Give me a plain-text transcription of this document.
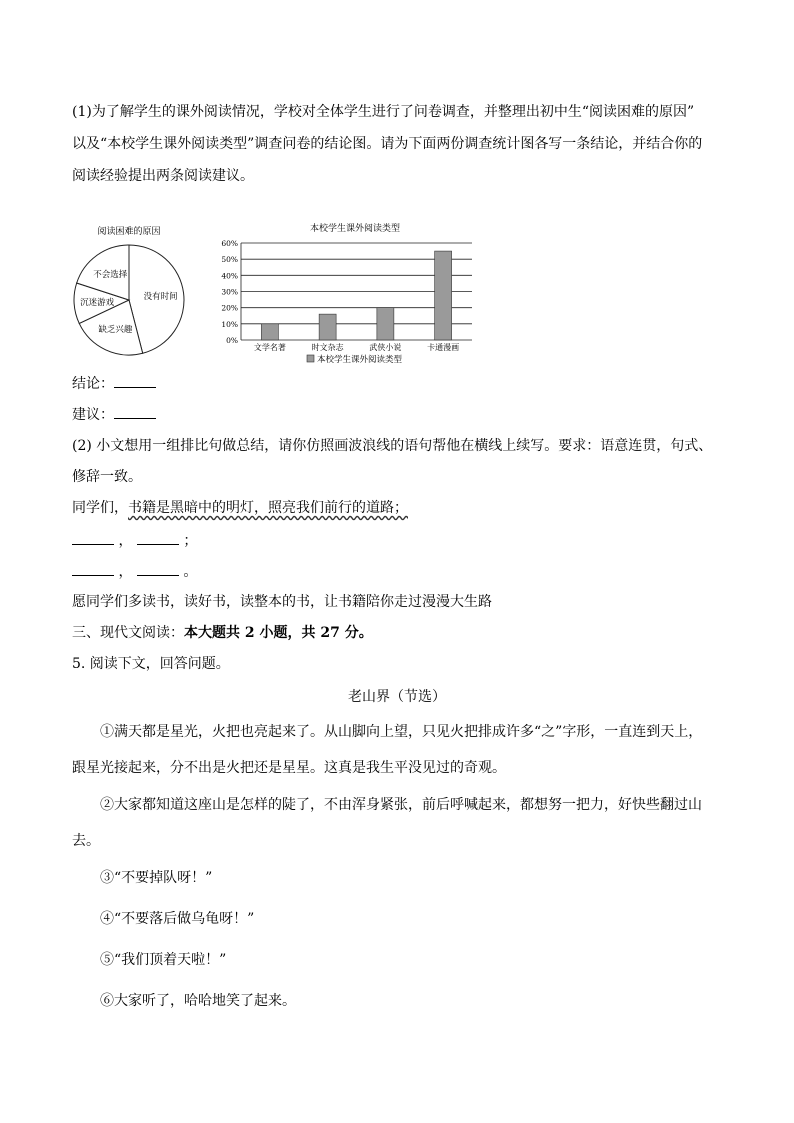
(1)为了解学生的课外阅读情况，学校对全体学生进行了问卷调查，并整理出初中生“阅读困难的原因”
以及“本校学生课外阅读类型”调查问卷的结论图。请为下面两份调查统计图各写一条结论，并结合你的
阅读经验提出两条阅读建议。
阅读困难的原因
没有时间
缺乏兴趣
沉迷游戏
不会选择
本校学生课外阅读类型
0%
10%
20%
30%
40%
50%
60%
文学名著	时文杂志	武侠小说	卡通漫画
本校学生课外阅读类型
结论：
建议：
(2) 小文想用一组排比句做总结，请你仿照画波浪线的语句帮他在横线上续写。要求：语意连贯，句式、
修辞一致。
同学们，书籍是黑暗中的明灯，照亮我们前行的道路；
，	；
，	。
愿同学们多读书，读好书，读整本的书，让书籍陪你走过漫漫大生路
三、现代文阅读：本大题共 2 小题，共 27 分。
5. 阅读下文，回答问题。
老山界（节选）
①满天都是星光，火把也亮起来了。从山脚向上望，只见火把排成许多“之”字形，一直连到天上，
跟星光接起来，分不出是火把还是星星。这真是我生平没见过的奇观。
②大家都知道这座山是怎样的陡了，不由浑身紧张，前后呼喊起来，都想努一把力，好快些翻过山
去。
③“不要掉队呀！”
④“不要落后做乌龟呀！”
⑤“我们顶着天啦！”
⑥大家听了，哈哈地笑了起来。
